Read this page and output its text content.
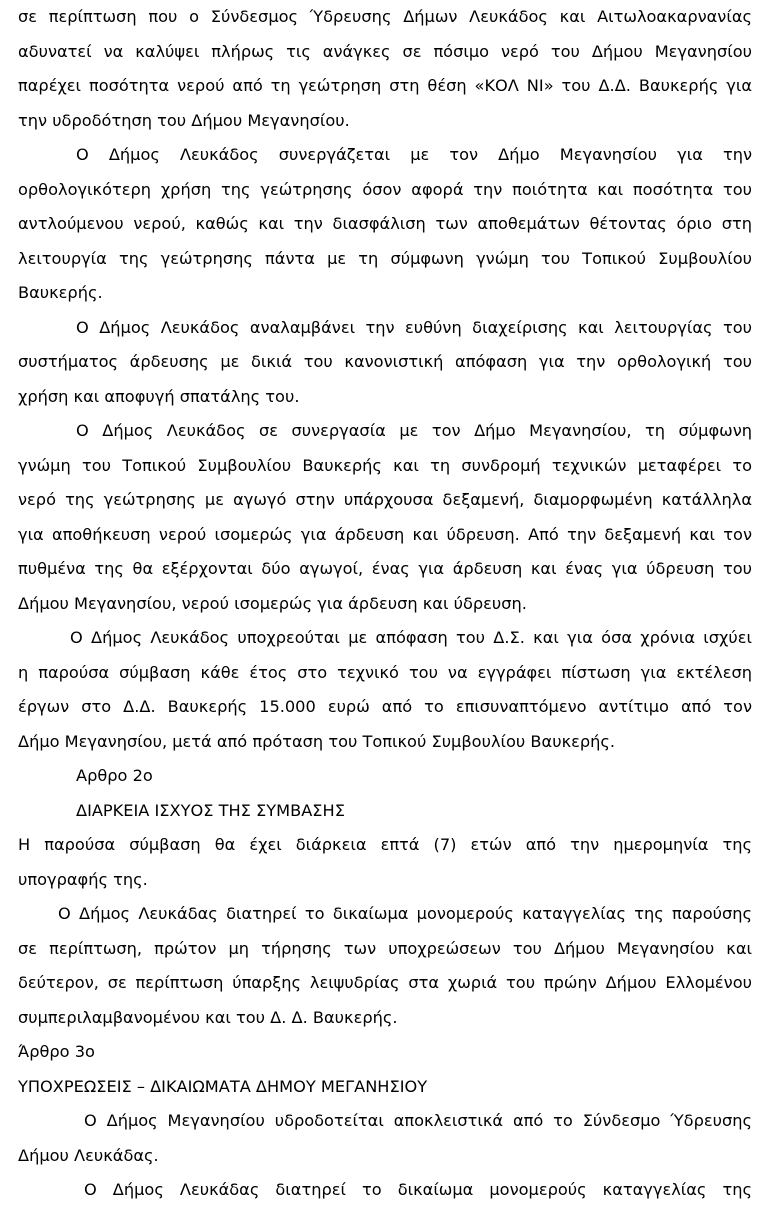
σε περίπτωση που ο Σύνδεσμος Ύδρευσης Δήμων Λευκάδος και Αιτωλοακαρνανίας
αδυνατεί να καλύψει πλήρως τις ανάγκες σε πόσιμο νερό του Δήμου Μεγανησίου
παρέχει ποσότητα νερού από τη γεώτρηση στη θέση «ΚΟΛ ΝΙ» του Δ.Δ. Βαυκερής για
την υδροδότηση του Δήμου Μεγανησίου.
Ο Δήμος Λευκάδος συνεργάζεται με τον Δήμο Μεγανησίου για την
ορθολογικότερη χρήση της γεώτρησης όσον αφορά την ποιότητα και ποσότητα του
αντλούμενου νερού, καθώς και την διασφάλιση των αποθεμάτων θέτοντας όριο στη
λειτουργία της γεώτρησης πάντα με τη σύμφωνη γνώμη του Τοπικού Συμβουλίου
Βαυκερής.
Ο Δήμος Λευκάδος αναλαμβάνει την ευθύνη διαχείρισης και λειτουργίας του
συστήματος άρδευσης με δικιά του κανονιστική απόφαση για την ορθολογική του
χρήση και αποφυγή σπατάλης του.
Ο Δήμος Λευκάδος σε συνεργασία με τον Δήμο Μεγανησίου, τη σύμφωνη
γνώμη του Τοπικού Συμβουλίου Βαυκερής και τη συνδρομή τεχνικών μεταφέρει το
νερό της γεώτρησης με αγωγό στην υπάρχουσα δεξαμενή, διαμορφωμένη κατάλληλα
για αποθήκευση νερού ισομερώς για άρδευση και ύδρευση. Από την δεξαμενή και τον
πυθμένα της θα εξέρχονται δύο αγωγοί, ένας για άρδευση και ένας για ύδρευση του
Δήμου Μεγανησίου, νερού ισομερώς για άρδευση και ύδρευση.
Ο Δήμος Λευκάδος υποχρεούται με απόφαση του Δ.Σ. και για όσα χρόνια ισχύει
η παρούσα σύμβαση κάθε έτος στο τεχνικό του να εγγράφει πίστωση για εκτέλεση
έργων στο Δ.Δ. Βαυκερής 15.000 ευρώ από το επισυναπτόμενο αντίτιμο από τον
Δήμο Μεγανησίου, μετά από πρόταση του Τοπικού Συμβουλίου Βαυκερής.
Αρθρο 2ο
ΔΙΑΡΚΕΙΑ ΙΣΧΥΟΣ ΤΗΣ ΣΥΜΒΑΣΗΣ
Η παρούσα σύμβαση θα έχει διάρκεια επτά (7) ετών από την ημερομηνία της
υπογραφής της.
Ο Δήμος Λευκάδας διατηρεί το δικαίωμα μονομερούς καταγγελίας της παρούσης
σε περίπτωση, πρώτον μη τήρησης των υποχρεώσεων του Δήμου Μεγανησίου και
δεύτερον, σε περίπτωση ύπαρξης λειψυδρίας στα χωριά του πρώην Δήμου Ελλομένου
συμπεριλαμβανομένου και του Δ. Δ. Βαυκερής.
Άρθρο 3ο
ΥΠΟΧΡΕΩΣΕΙΣ – ΔΙΚΑΙΩΜΑΤΑ ΔΗΜΟΥ ΜΕΓΑΝΗΣΙΟΥ
Ο Δήμος Μεγανησίου υδροδοτείται αποκλειστικά από το Σύνδεσμο Ύδρευσης
Δήμου Λευκάδας.
Ο Δήμος Λευκάδας διατηρεί το δικαίωμα μονομερούς καταγγελίας της
